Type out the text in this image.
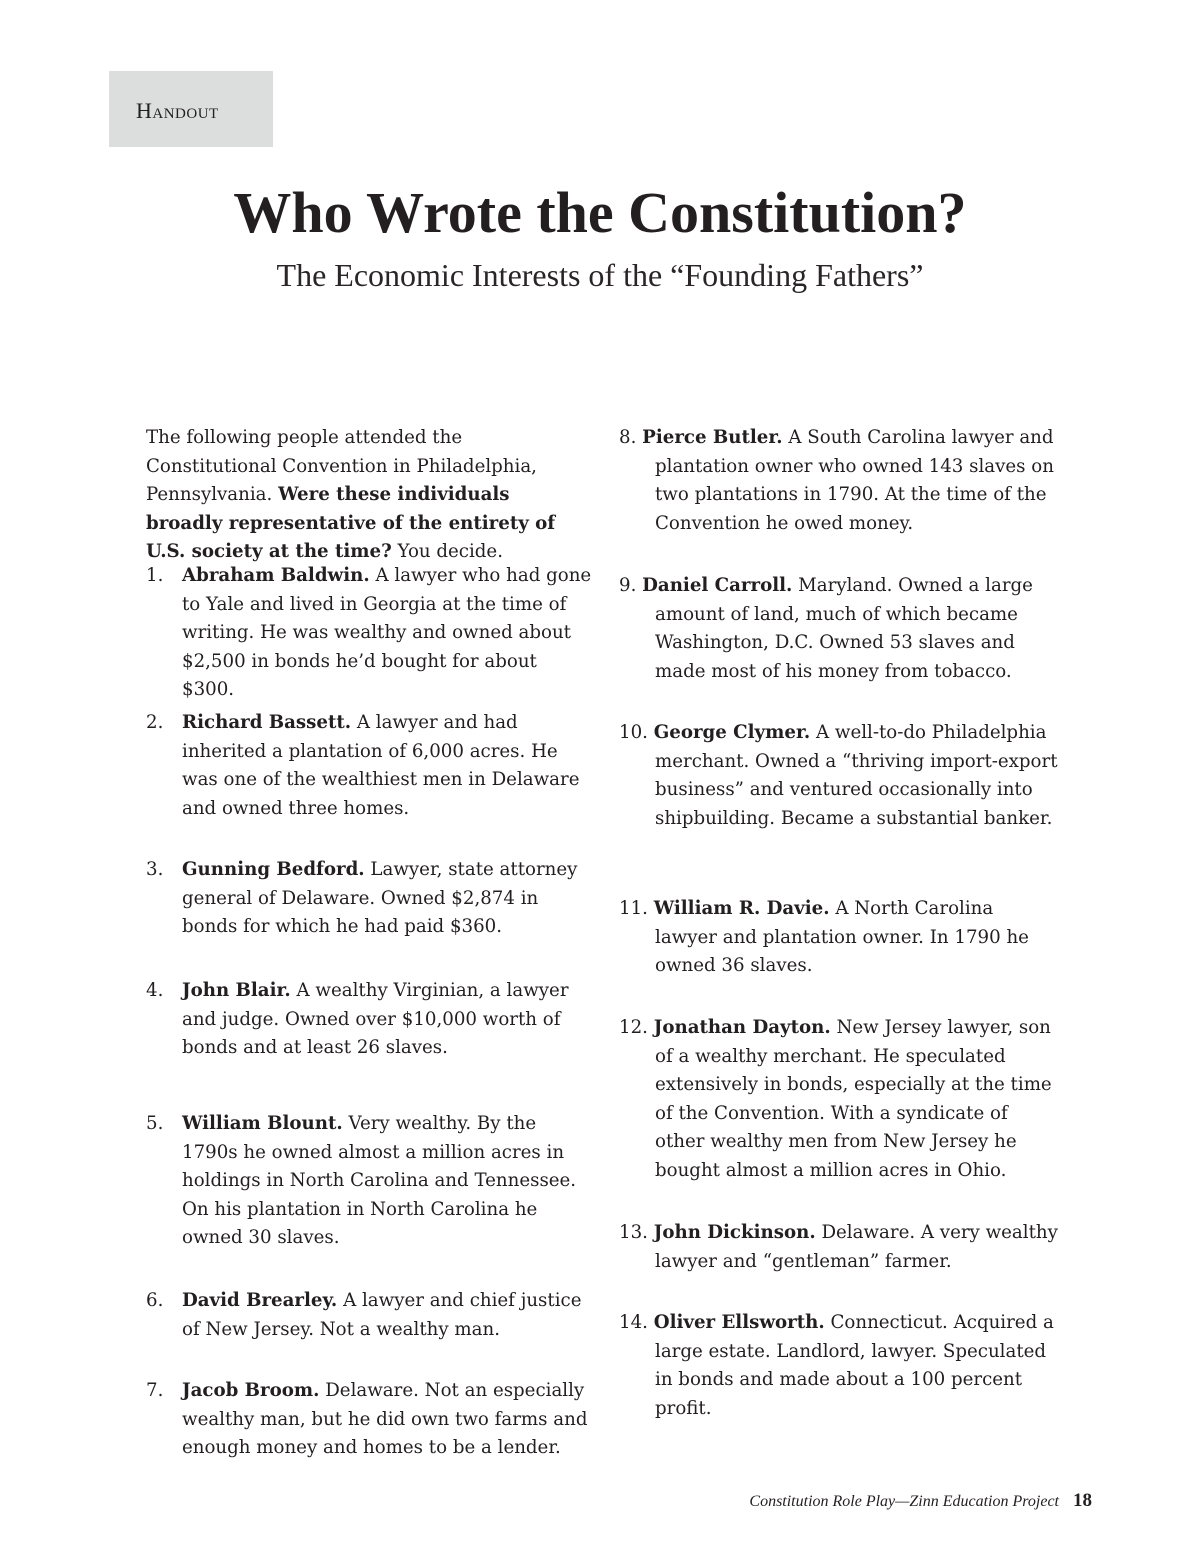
Handout
Who Wrote the Constitution?
The Economic Interests of the “Founding Fathers”

The following people attended the Constitutional Convention in Philadelphia, Pennsylvania. Were these individuals broadly representative of the entirety of U.S. society at the time? You decide.

1. Abraham Baldwin. A lawyer who had gone to Yale and lived in Georgia at the time of writing. He was wealthy and owned about $2,500 in bonds he’d bought for about $300.
2. Richard Bassett. A lawyer and had inherited a plantation of 6,000 acres. He was one of the wealthiest men in Delaware and owned three homes.
3. Gunning Bedford. Lawyer, state attorney general of Delaware. Owned $2,874 in bonds for which he had paid $360.
4. John Blair. A wealthy Virginian, a lawyer and judge. Owned over $10,000 worth of bonds and at least 26 slaves.
5. William Blount. Very wealthy. By the 1790s he owned almost a million acres in holdings in North Carolina and Tennessee. On his plantation in North Carolina he owned 30 slaves.
6. David Brearley. A lawyer and chief justice of New Jersey. Not a wealthy man.
7. Jacob Broom. Delaware. Not an especially wealthy man, but he did own two farms and enough money and homes to be a lender.
8. Pierce Butler. A South Carolina lawyer and plantation owner who owned 143 slaves on two plantations in 1790. At the time of the Convention he owed money.
9. Daniel Carroll. Maryland. Owned a large amount of land, much of which became Washington, D.C. Owned 53 slaves and made most of his money from tobacco.
10. George Clymer. A well-to-do Philadelphia merchant. Owned a “thriving import-export business” and ventured occasionally into shipbuilding. Became a substantial banker.
11. William R. Davie. A North Carolina lawyer and plantation owner. In 1790 he owned 36 slaves.
12. Jonathan Dayton. New Jersey lawyer, son of a wealthy merchant. He speculated extensively in bonds, especially at the time of the Convention. With a syndicate of other wealthy men from New Jersey he bought almost a million acres in Ohio.
13. John Dickinson. Delaware. A very wealthy lawyer and “gentleman” farmer.
14. Oliver Ellsworth. Connecticut. Acquired a large estate. Landlord, lawyer. Speculated in bonds and made about a 100 percent profit.
Constitution Role Play—Zinn Education Project 18
